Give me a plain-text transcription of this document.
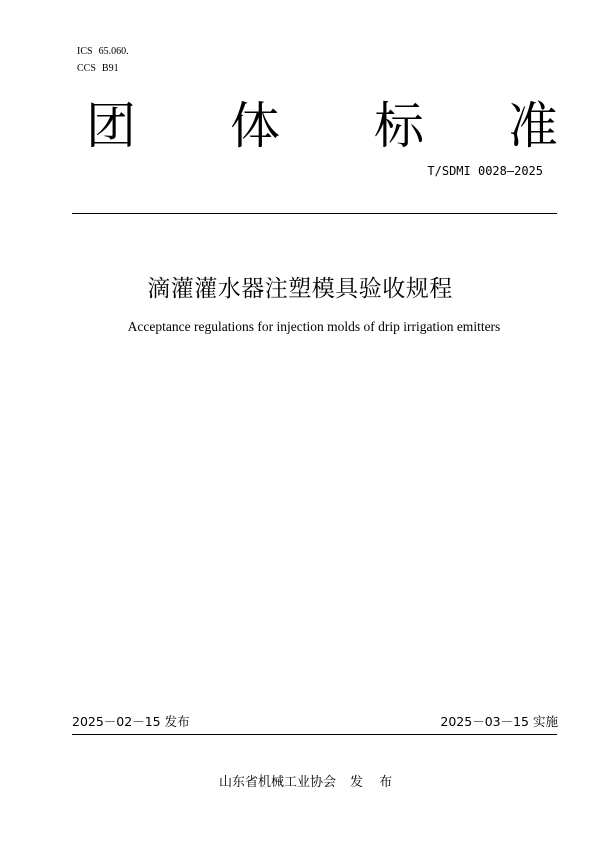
ICS 65.060.
CCS B91
团 体 标 准
T/SDMI 0028—2025
滴灌灌水器注塑模具验收规程
Acceptance regulations for injection molds of drip irrigation emitters
2025－02－15 发布	2025－03－15 实施
山东省机械工业协会 发 布
